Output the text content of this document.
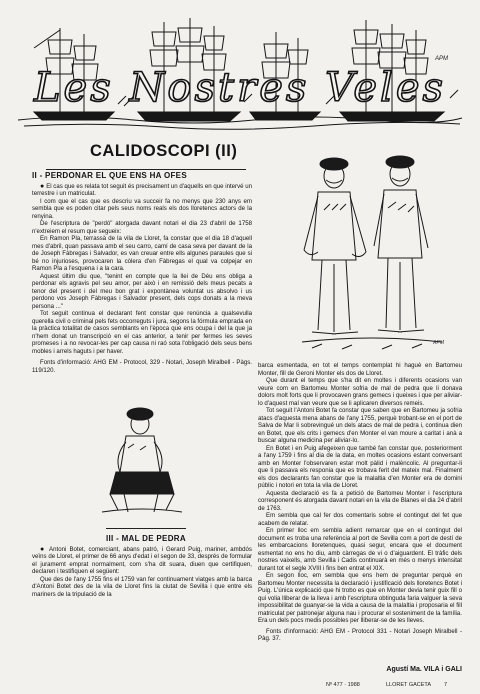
Les Nostres Veles
APM
CALIDOSCOPI (II)
II - PERDONAR EL QUE ENS HA OFES

● El cas que es relata tot seguit és precisament un d'aquells en que intervé un terrestre i un matriculat.

I com que el cas que es descriu va succeir fa no menys que 230 anys em sembla que es poden citar pels seus noms reals els dos lloretencs actors de la renyina.

De l'escriptura de "perdó" atorgada davant notari el dia 23 d'abril de 1758 n'extreiem el resum que segueix:

En Ramon Pla, terrassà de la vila de Lloret, fa constar que el dia 18 d'aquell mes d'abril, quan passava amb el seu carro, camí de casa seva per davant de la de Joseph Fàbregas i Salvador, es van creuar entre ells algunes paraules que si bé no injurioses, provocaren la còlera d'en Fàbregas el qual va colpejar en Ramon Pla a l'esquena i a la cara.

Aquest últim diu que, "tenint en compte que la llei de Déu ens obliga a perdonar els agravis pel seu amor, per això i en remissió dels meus pecats a tenor del present i del meu bon grat i expontànea voluntat us absolvo i us perdono vos Joseph Fàbregas i Salvador present, dels cops donats a la meva persona ..."

Tot seguit continua el declarant fent constar que renúncia a qualsevulla querella civil o criminal pels fets occorreguts i jura, segons la fórmula emprada en la pràctica totalitat de casos semblants en l'època que ens ocupa i del la que ja n'hem donat un transcripció en el cas anterior, a tenir per fermes les seves promeses i a no revocar-les per cap causa ni raó sota l'obligació dels seus bens mobles i arrels haguts i per haver.

Fonts d'informació: AHG EM - Protocol, 329 - Notari, Joseph Miralbell - Pàgs. 119/120.

APM
III - MAL DE PEDRA

● Antoni Botet, comerciant, abans patró, i Gerard Puig, mariner, ambdós veïns de Lloret, el primer de 66 anys d'edat i el segon de 33, després de formular el juramemt emprat normalment, com s'ha dit suara, diuen que certifiquen, declaren i testifiquen el següent:

Que des de l'any 1755 fins el 1759 van fer continuament viatges amb la barca d'Antoni Botet des de la vila de Lloret fins la ciutat de Sevilla i que entre els mariners de la tripulació de la

barca esmentada, en tot el temps contemplat hi haguè en Bartomeu Monter, fill de Geroni Monter els dos de Lloret.

Que durant el temps que s'ha dit en moltes i diferents ocasions van veure com en Bartomeu Monter sofria de mal de pedra que li donava dolors molt forts que li provocaven grans gemecs i queixes i que per aliviar-lo d'aquest mal van veure que se li aplicaren diversos remeis.

Tot seguit l'Antoni Botet fa constar que saben que en Bartomeu ja sofria atacs d'aquesta mena abans de l'any 1755, perquè trobant-se en el port de Salva de Mar li sobrevingué un dels atacs de mal de pedra i, continua dien en Botet, que els crits i gemecs d'en Monter el van moure a caritat i anà a buscar alguna medicina per aliviar-lo.

En Botet i en Puig afegeixen que també fan constar que, posteriorment a l'any 1759 i fins al dia de la data, en moltes ocasions estant conversant amb en Monter l'observaren estar molt pàlid i malèncolic. Al preguntar-li que li passava els responia que es trobava ferit del mateix mal. Finalment els dos declarants fan constar que la malaltia d'en Monter era de domini públic i notori en tota la vila de Lloret.

Aquesta declaració es fa a petició de Bartomeu Monter i l'escriptura corresponent és atorgada davant notari en la vila de Blanes el dia 24 d'abril de 1763.

Em sembla que cal fer dos comentaris sobre el contingut del fet que acabem de relatar.

En primer lloc em sembla adient remarcar que en el contingut del document es troba una referència al port de Sevilla com a port de destí de les embarcacions lloretenques, quasi segur, encara que el document esmentat no ens ho diu, amb càrregas de vi o d'aiguardent. El tràfic dels nostres vaixells, amb Sevilla i Cadis continuarà en més o menys intensitat durant tot el segle XVIII i fins ben entrat el XIX.

En segon lloc, em sembla que ens hem de preguntar perquè en Bartomeu Monter necessita la declaració i justificació dels lloretencs Botet i Puig. L'única explicació que hi trobo es que en Monter devia tenir guix fill o qui volia lliberar de la lleva i amb l'escriptura obtinguda faria valguer la seva impossibilitat de guanyar-se la vida a causa de la malaltia i proposaria el fill matriculat per patronejar alguna nau i procurar el sosteniment de la família. Era un dels pocs medis possibles per lliberar-se de les lleves.

Fonts d'informació: AHG EM - Protocol 331 - Notari Joseph Miralbell - Pàg. 37.

Agustí Ma. VILA i GALI
Nº 477 · 1988	LLORET GACETA 7
